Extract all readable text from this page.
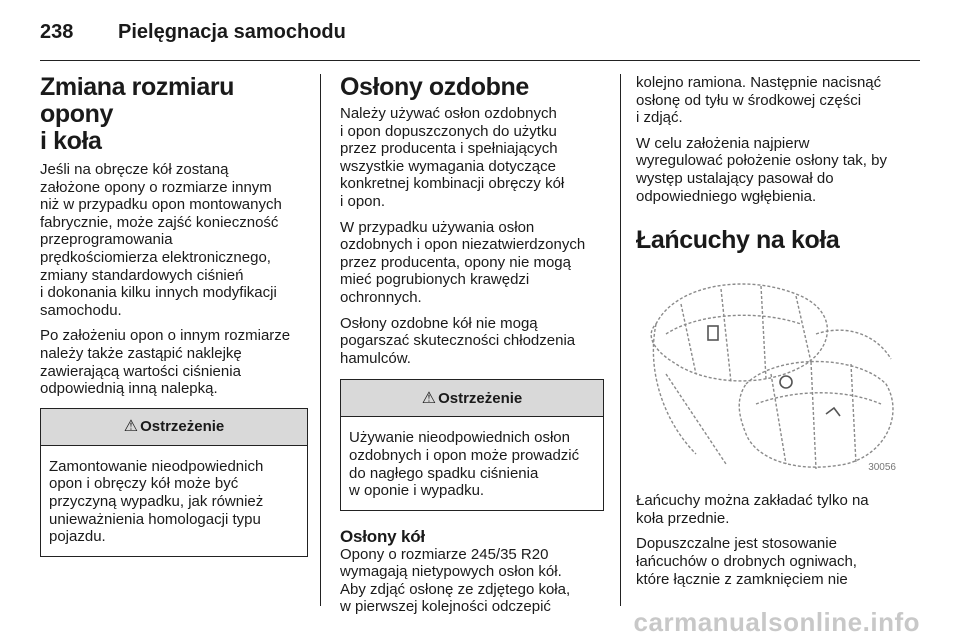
238	Pielęgnacja samochodu
Zmiana rozmiaru opony
i koła

Jeśli na obręcze kół zostaną
założone opony o rozmiarze innym
niż w przypadku opon montowanych
fabrycznie, może zajść konieczność
przeprogramowania
prędkościomierza elektronicznego,
zmiany standardowych ciśnień
i dokonania kilku innych modyfikacji
samochodu.

Po założeniu opon o innym rozmiarze
należy także zastąpić naklejkę
zawierającą wartości ciśnienia
odpowiednią inną nalepką.

⚠ Ostrzeżenie
Zamontowanie nieodpowiednich
opon i obręczy kół może być
przyczyną wypadku, jak również
unieważnienia homologacji typu
pojazdu.
Osłony ozdobne

Należy używać osłon ozdobnych
i opon dopuszczonych do użytku
przez producenta i spełniających
wszystkie wymagania dotyczące
konkretnej kombinacji obręczy kół
i opon.

W przypadku używania osłon
ozdobnych i opon niezatwierdzonych
przez producenta, opony nie mogą
mieć pogrubionych krawędzi
ochronnych.

Osłony ozdobne kół nie mogą
pogarszać skuteczności chłodzenia
hamulców.

⚠ Ostrzeżenie
Używanie nieodpowiednich osłon
ozdobnych i opon może prowadzić
do nagłego spadku ciśnienia
w oponie i wypadku.
Osłony kół

Opony o rozmiarze 245/35 R20
wymagają nietypowych osłon kół.
Aby zdjąć osłonę ze zdjętego koła,
w pierwszej kolejności odczepić

kolejno ramiona. Następnie nacisnąć
osłonę od tyłu w środkowej części
i zdjąć.

W celu założenia najpierw
wyregulować położenie osłony tak, by
występ ustalający pasował do
odpowiedniego wgłębienia.

Łańcuchy na koła
30056

Łańcuchy można zakładać tylko na
koła przednie.

Dopuszczalne jest stosowanie
łańcuchów o drobnych ogniwach,
które łącznie z zamknięciem nie

carmanualsonline.info
